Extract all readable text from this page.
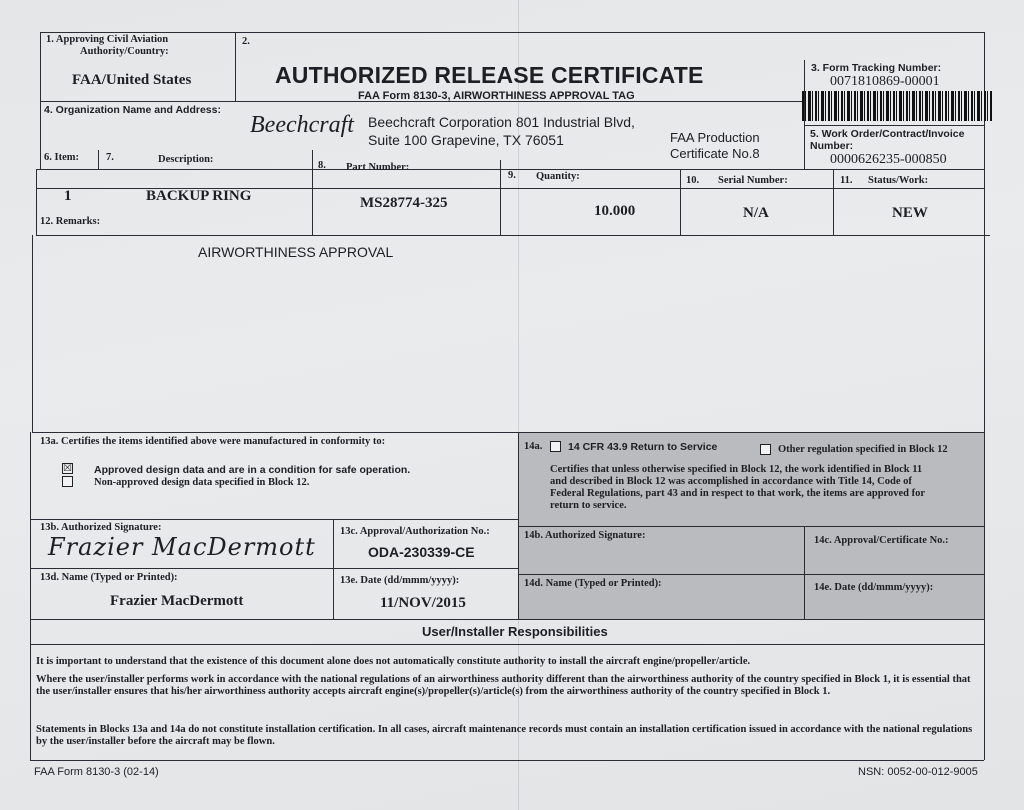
1. Approving Civil Aviation
Authority/Country:
FAA/United States
2.
AUTHORIZED RELEASE CERTIFICATE
FAA Form 8130-3, AIRWORTHINESS APPROVAL TAG
3. Form Tracking Number:
0071810869-00001
4. Organization Name and Address:
Beechcraft Beechcraft Corporation 801 Industrial Blvd,
Suite 100 Grapevine, TX 76051	FAA Production
Certificate No.8
5. Work Order/Contract/Invoice
Number:
0000626235-000850
6. Item:	7.	Description:
8. Part Number:
9. Quantity:	10. Serial Number:	11. Status/Work:
1	BACKUP RING	MS28774-325	10.000	N/A	NEW
12. Remarks:
AIRWORTHINESS APPROVAL
13a. Certifies the items identified above were manufactured in conformity to:
☒ Approved design data and are in a condition for safe operation.
Non-approved design data specified in Block 12.
14a. 14 CFR 43.9 Return to Service	Other regulation specified in Block 12
Certifies that unless otherwise specified in Block 12, the work identified in Block 11
and described in Block 12 was accomplished in accordance with Title 14, Code of
Federal Regulations, part 43 and in respect to that work, the items are approved for
return to service.
13b. Authorized Signature:
Frazier MacDermott
13c. Approval/Authorization No.:
ODA-230339-CE
14b. Authorized Signature:	14c. Approval/Certificate No.:
13d. Name (Typed or Printed):
Frazier MacDermott
13e. Date (dd/mmm/yyyy):
11/NOV/2015
14d. Name (Typed or Printed):	14e. Date (dd/mmm/yyyy):
User/Installer Responsibilities
It is important to understand that the existence of this document alone does not automatically constitute authority to install the aircraft engine/propeller/article.
Where the user/installer performs work in accordance with the national regulations of an airworthiness authority different than the airworthiness authority of the country specified in Block 1, it is essential that the user/installer ensures that his/her airworthiness authority accepts aircraft engine(s)/propeller(s)/article(s) from the airworthiness authority of the country specified in Block 1.
Statements in Blocks 13a and 14a do not constitute installation certification. In all cases, aircraft maintenance records must contain an installation certification issued in accordance with the national regulations by the user/installer before the aircraft may be flown.
FAA Form 8130-3 (02-14)	NSN: 0052-00-012-9005
